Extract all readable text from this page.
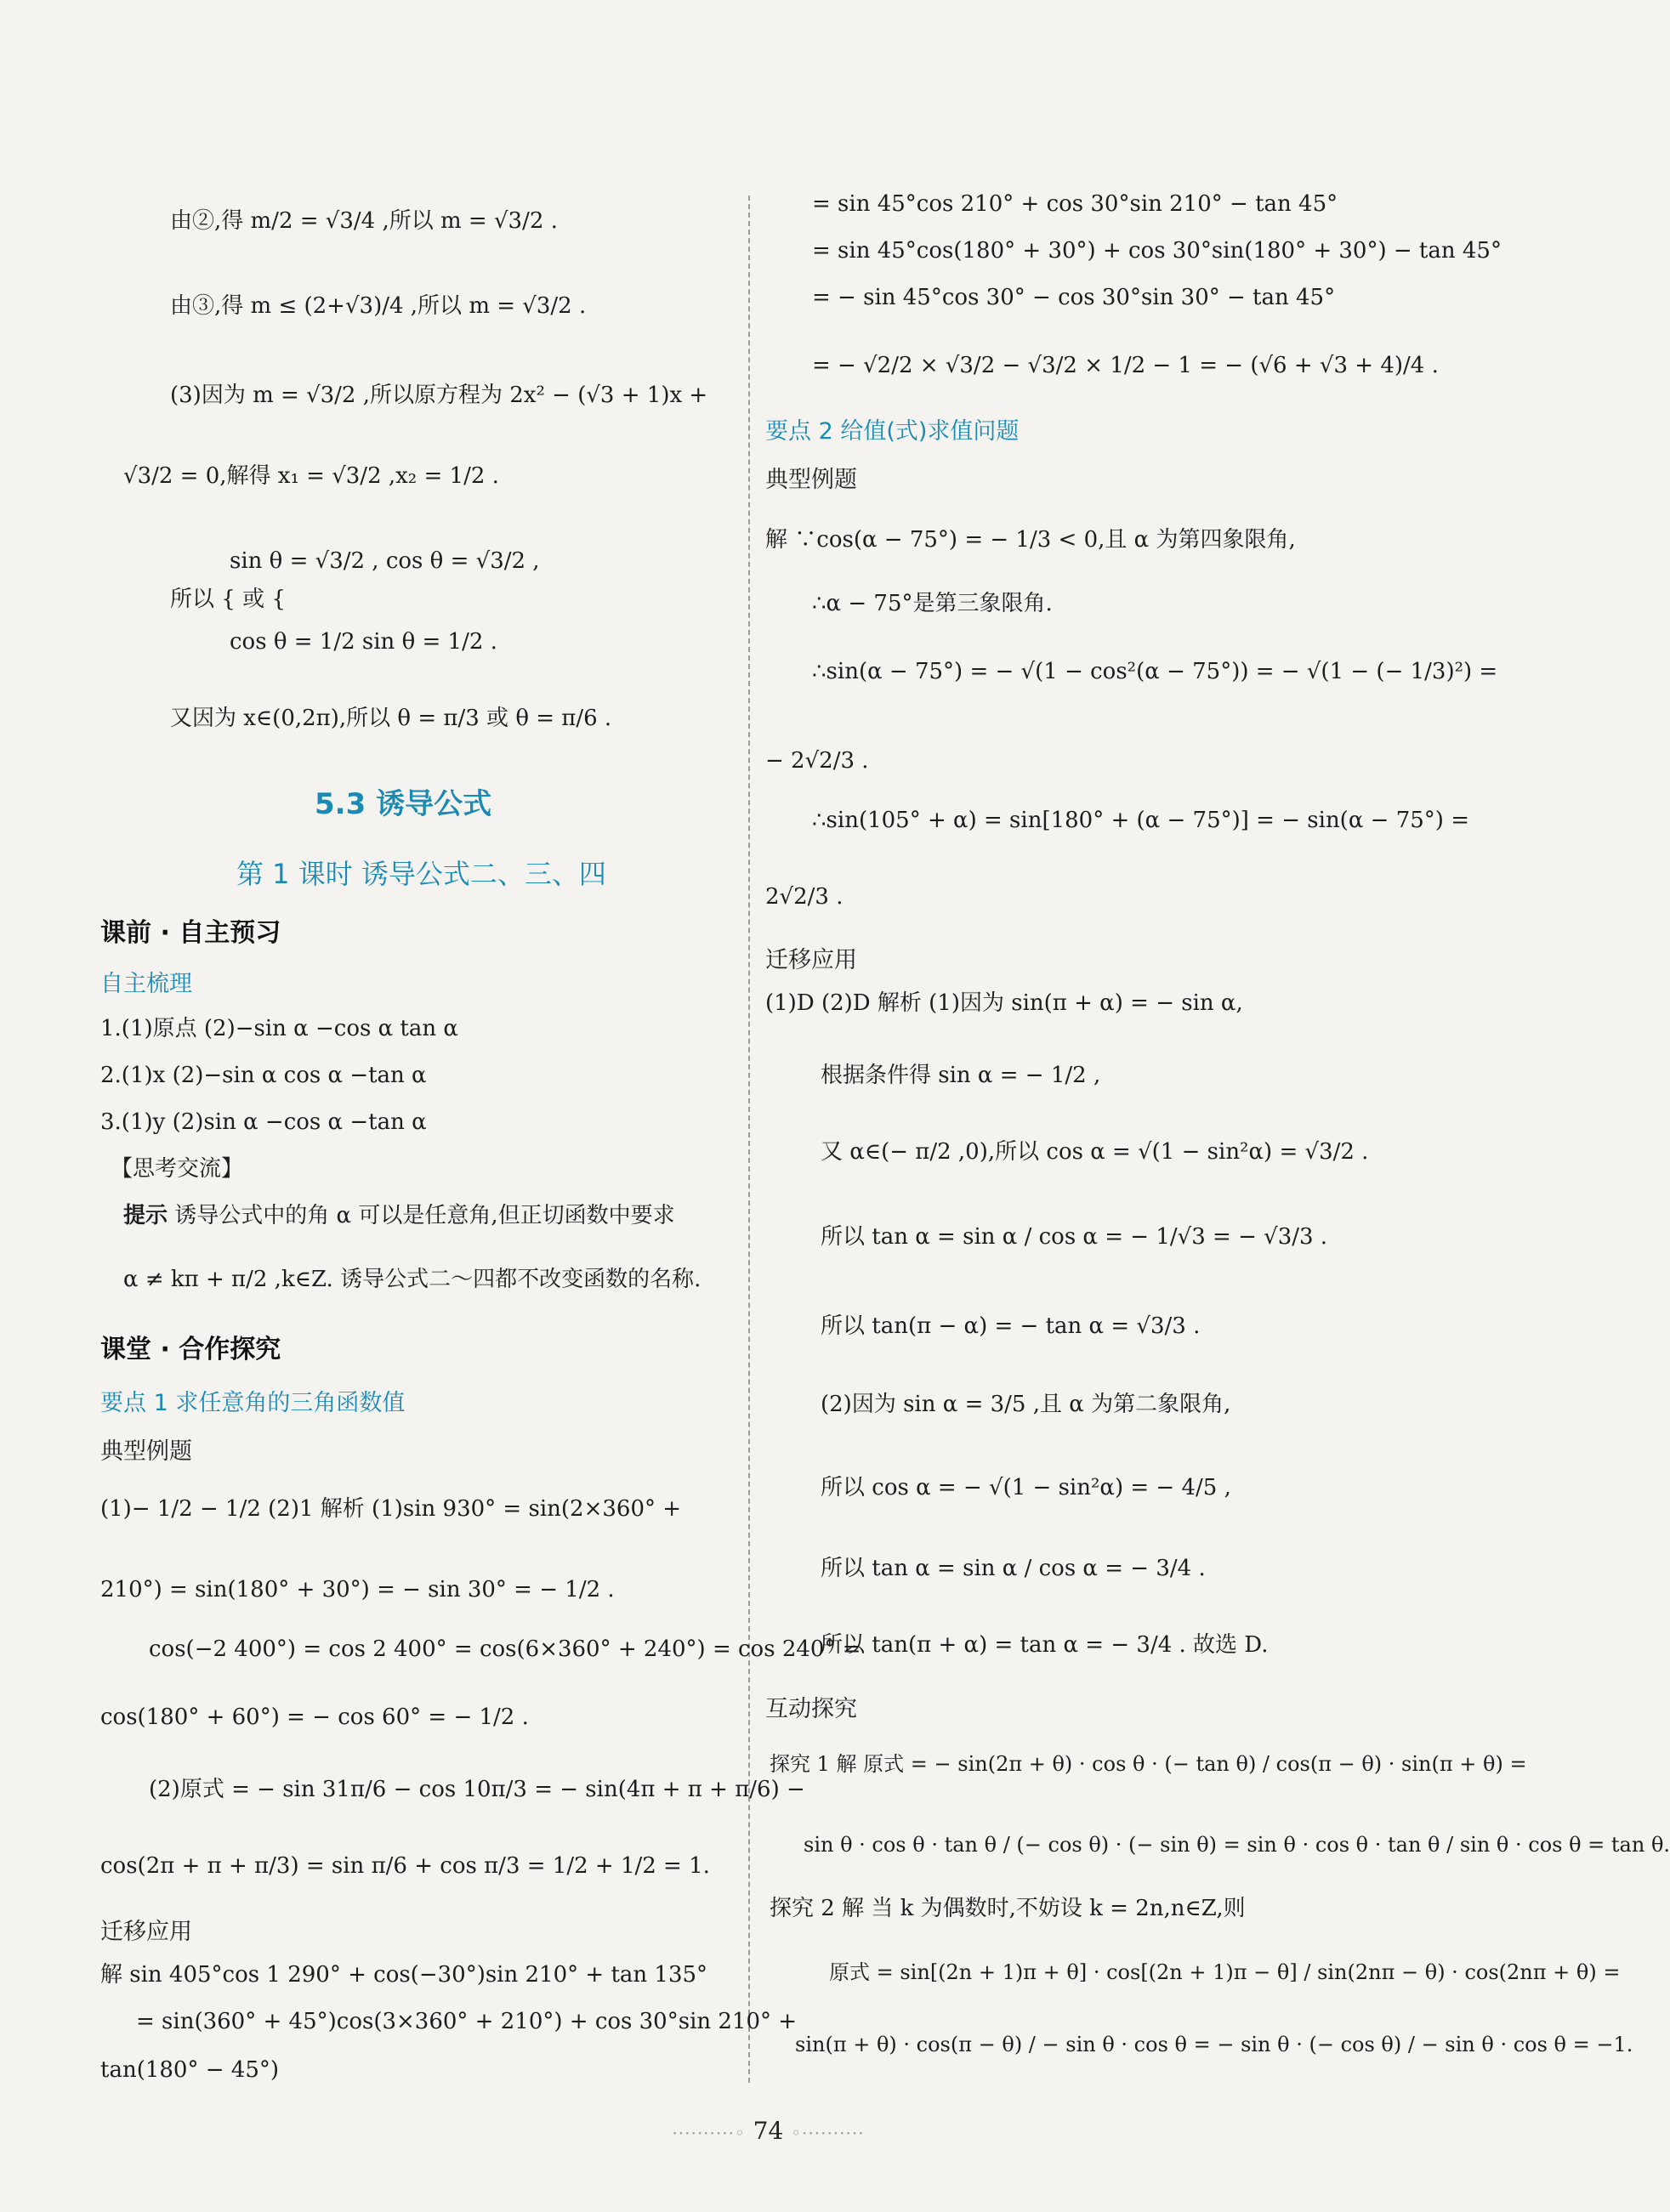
由②,得 m/2 = √3/4 ,所以 m = √3/2 .
由③,得 m ≤ (2+√3)/4 ,所以 m = √3/2 .
(3)因为 m = √3/2 ,所以原方程为 2x² − (√3 + 1)x +
√3/2 = 0,解得 x₁ = √3/2 ,x₂ = 1/2 .
sin θ = √3/2 , cos θ = √3/2 ,
所以 { 或 {
cos θ = 1/2 sin θ = 1/2 .
又因为 x∈(0,2π),所以 θ = π/3 或 θ = π/6 .
5.3 诱导公式
第 1 课时 诱导公式二、三、四
课前 · 自主预习
自主梳理
1.(1)原点 (2)−sin α −cos α tan α
2.(1)x (2)−sin α cos α −tan α
3.(1)y (2)sin α −cos α −tan α
【思考交流】
提示 诱导公式中的角 α 可以是任意角,但正切函数中要求
α ≠ kπ + π/2 ,k∈Z. 诱导公式二～四都不改变函数的名称.
课堂 · 合作探究
要点 1 求任意角的三角函数值
典型例题
(1)− 1/2 − 1/2 (2)1 解析 (1)sin 930° = sin(2×360° +
210°) = sin(180° + 30°) = − sin 30° = − 1/2 .
cos(−2 400°) = cos 2 400° = cos(6×360° + 240°) = cos 240° =
cos(180° + 60°) = − cos 60° = − 1/2 .
(2)原式 = − sin 31π/6 − cos 10π/3 = − sin(4π + π + π/6) −
cos(2π + π + π/3) = sin π/6 + cos π/3 = 1/2 + 1/2 = 1.
迁移应用
解 sin 405°cos 1 290° + cos(−30°)sin 210° + tan 135°
= sin(360° + 45°)cos(3×360° + 210°) + cos 30°sin 210° +
tan(180° − 45°)
= sin 45°cos 210° + cos 30°sin 210° − tan 45°
= sin 45°cos(180° + 30°) + cos 30°sin(180° + 30°) − tan 45°
= − sin 45°cos 30° − cos 30°sin 30° − tan 45°
= − √2/2 × √3/2 − √3/2 × 1/2 − 1 = − (√6 + √3 + 4)/4 .
要点 2 给值(式)求值问题
典型例题
解 ∵cos(α − 75°) = − 1/3 < 0,且 α 为第四象限角,
∴α − 75°是第三象限角.
∴sin(α − 75°) = − √(1 − cos²(α − 75°)) = − √(1 − (− 1/3)²) =
− 2√2/3 .
∴sin(105° + α) = sin[180° + (α − 75°)] = − sin(α − 75°) =
2√2/3 .
迁移应用
(1)D (2)D 解析 (1)因为 sin(π + α) = − sin α,
根据条件得 sin α = − 1/2 ,
又 α∈(− π/2 ,0),所以 cos α = √(1 − sin²α) = √3/2 .
所以 tan α = sin α / cos α = − 1/√3 = − √3/3 .
所以 tan(π − α) = − tan α = √3/3 .
(2)因为 sin α = 3/5 ,且 α 为第二象限角,
所以 cos α = − √(1 − sin²α) = − 4/5 ,
所以 tan α = sin α / cos α = − 3/4 .
所以 tan(π + α) = tan α = − 3/4 . 故选 D.
互动探究
探究 1 解 原式 = − sin(2π + θ) · cos θ · (− tan θ) / cos(π − θ) · sin(π + θ) =
sin θ · cos θ · tan θ / (− cos θ) · (− sin θ) = sin θ · cos θ · tan θ / sin θ · cos θ = tan θ.
探究 2 解 当 k 为偶数时,不妨设 k = 2n,n∈Z,则
原式 = sin[(2n + 1)π + θ] · cos[(2n + 1)π − θ] / sin(2nπ − θ) · cos(2nπ + θ) =
sin(π + θ) · cos(π − θ) / − sin θ · cos θ = − sin θ · (− cos θ) / − sin θ · cos θ = −1.
··········◦ 74 ◦··········
